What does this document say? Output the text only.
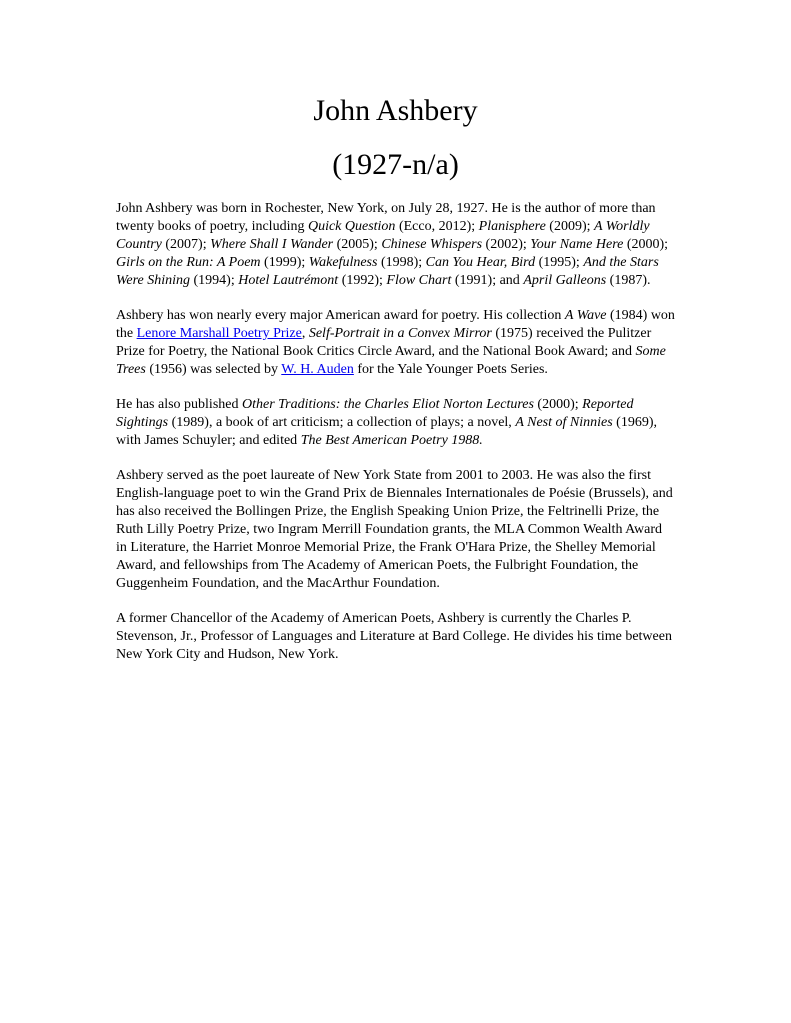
John Ashbery
(1927-n/a)

John Ashbery was born in Rochester, New York, on July 28, 1927. He is the author of more than twenty books of poetry, including Quick Question (Ecco, 2012); Planisphere (2009); A Worldly Country (2007); Where Shall I Wander (2005); Chinese Whispers (2002); Your Name Here (2000); Girls on the Run: A Poem (1999); Wakefulness (1998); Can You Hear, Bird (1995); And the Stars Were Shining (1994); Hotel Lautrémont (1992); Flow Chart (1991); and April Galleons (1987).

Ashbery has won nearly every major American award for poetry. His collection A Wave (1984) won the Lenore Marshall Poetry Prize, Self-Portrait in a Convex Mirror (1975) received the Pulitzer Prize for Poetry, the National Book Critics Circle Award, and the National Book Award; and Some Trees (1956) was selected by W. H. Auden for the Yale Younger Poets Series.

He has also published Other Traditions: the Charles Eliot Norton Lectures (2000); Reported Sightings (1989), a book of art criticism; a collection of plays; a novel, A Nest of Ninnies (1969), with James Schuyler; and edited The Best American Poetry 1988.

Ashbery served as the poet laureate of New York State from 2001 to 2003. He was also the first English-language poet to win the Grand Prix de Biennales Internationales de Poésie (Brussels), and has also received the Bollingen Prize, the English Speaking Union Prize, the Feltrinelli Prize, the Ruth Lilly Poetry Prize, two Ingram Merrill Foundation grants, the MLA Common Wealth Award in Literature, the Harriet Monroe Memorial Prize, the Frank O'Hara Prize, the Shelley Memorial Award, and fellowships from The Academy of American Poets, the Fulbright Foundation, the Guggenheim Foundation, and the MacArthur Foundation.

A former Chancellor of the Academy of American Poets, Ashbery is currently the Charles P. Stevenson, Jr., Professor of Languages and Literature at Bard College. He divides his time between New York City and Hudson, New York.
